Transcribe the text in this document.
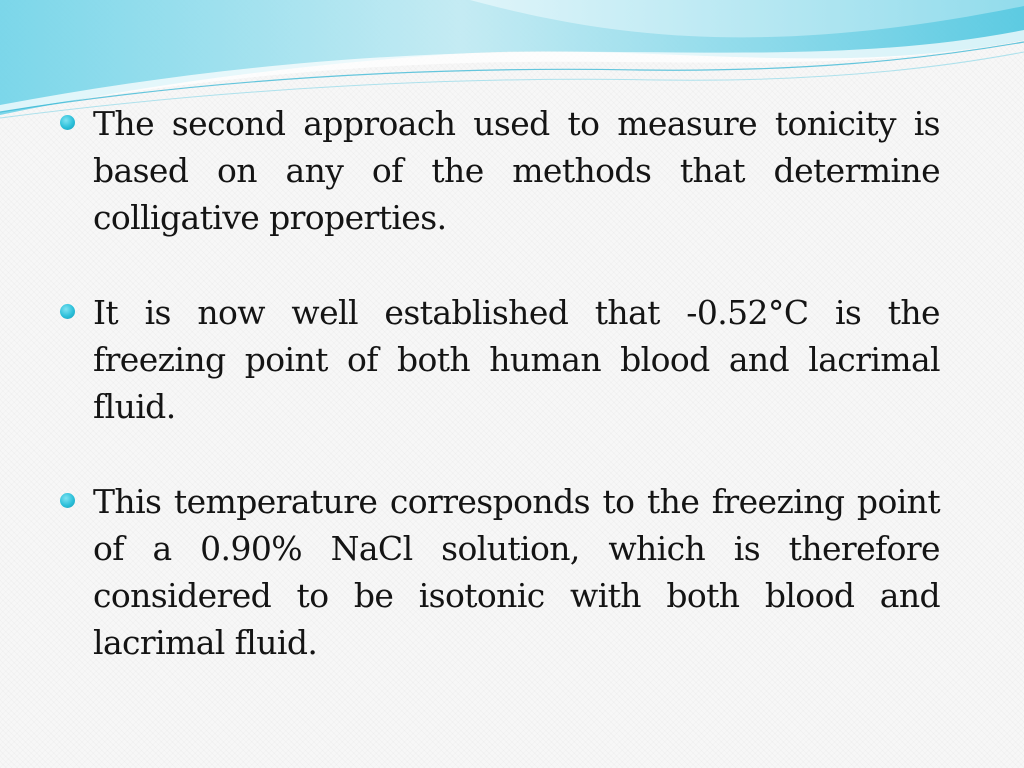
The second approach used to measure tonicity is based on any of the methods that determine colligative properties.

It is now well established that -0.52°C is the freezing point of both human blood and lacrimal fluid.

This temperature corresponds to the freezing point of a 0.90% NaCl solution, which is therefore considered to be isotonic with both blood and lacrimal fluid.
